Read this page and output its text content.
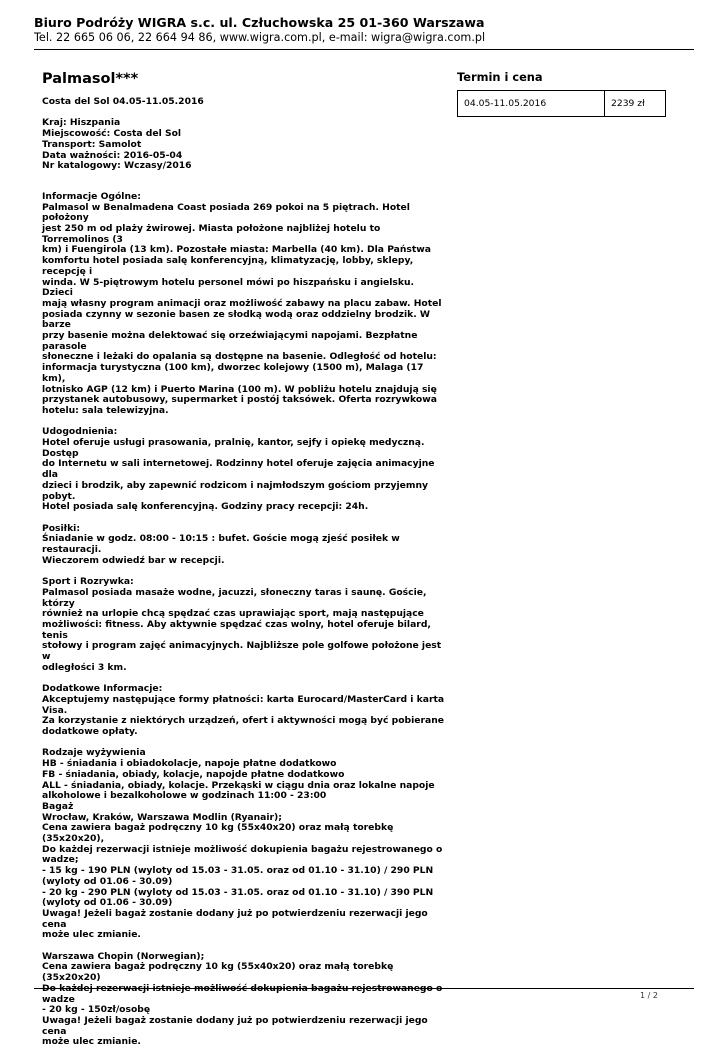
Biuro Podróży WIGRA s.c. ul. Człuchowska 25 01-360 Warszawa
Tel. 22 665 06 06, 22 664 94 86, www.wigra.com.pl, e-mail: wigra@wigra.com.pl
Palmasol***

Costa del Sol 04.05-11.05.2016

Kraj: Hiszpania
Miejscowość: Costa del Sol
Transport: Samolot
Data ważności: 2016-05-04
Nr katalogowy: Wczasy/2016
Informacje Ogólne:
Palmasol w Benalmadena Coast posiada 269 pokoi na 5 piętrach. Hotel położony
jest 250 m od plaży żwirowej. Miasta położone najbliżej hotelu to Torremolinos (3
km) i Fuengirola (13 km). Pozostałe miasta: Marbella (40 km). Dla Państwa
komfortu hotel posiada salę konferencyjną, klimatyzację, lobby, sklepy, recepcję i
winda. W 5-piętrowym hotelu personel mówi po hiszpańsku i angielsku. Dzieci
mają własny program animacji oraz możliwość zabawy na placu zabaw. Hotel
posiada czynny w sezonie basen ze słodką wodą oraz oddzielny brodzik. W barze
przy basenie można delektować się orzeźwiającymi napojami. Bezpłatne parasole
słoneczne i leżaki do opalania są dostępne na basenie. Odległość od hotelu:
informacja turystyczna (100 km), dworzec kolejowy (1500 m), Malaga (17 km),
lotnisko AGP (12 km) i Puerto Marina (100 m). W pobliżu hotelu znajdują się
przystanek autobusowy, supermarket i postój taksówek. Oferta rozrywkowa
hotelu: sala telewizyjna.
Udogodnienia:
Hotel oferuje usługi prasowania, pralnię, kantor, sejfy i opiekę medyczną. Dostęp
do Internetu w sali internetowej. Rodzinny hotel oferuje zajęcia animacyjne dla
dzieci i brodzik, aby zapewnić rodzicom i najmłodszym gościom przyjemny pobyt.
Hotel posiada salę konferencyjną. Godziny pracy recepcji: 24h.
Posiłki:
Śniadanie w godz. 08:00 - 10:15 : bufet. Goście mogą zjeść posiłek w restauracji.
Wieczorem odwiedź bar w recepcji.
Sport i Rozrywka:
Palmasol posiada masaże wodne, jacuzzi, słoneczny taras i saunę. Goście, którzy
również na urlopie chcą spędzać czas uprawiając sport, mają następujące
możliwości: fitness. Aby aktywnie spędzać czas wolny, hotel oferuje bilard, tenis
stołowy i program zajęć animacyjnych. Najbliższe pole golfowe położone jest w
odległości 3 km.
Dodatkowe Informacje:
Akceptujemy następujące formy płatności: karta Eurocard/MasterCard i karta Visa.
Za korzystanie z niektórych urządzeń, ofert i aktywności mogą być pobierane
dodatkowe opłaty.
Rodzaje wyżywienia
HB - śniadania i obiadokolacje, napoje płatne dodatkowo
FB - śniadania, obiady, kolacje, napojde płatne dodatkowo
ALL - śniadania, obiady, kolacje. Przekąski w ciągu dnia oraz lokalne napoje
alkoholowe i bezalkoholowe w godzinach 11:00 - 23:00
Bagaż
Wrocław, Kraków, Warszawa Modlin (Ryanair);
Cena zawiera bagaż podręczny 10 kg (55x40x20) oraz małą torebkę (35x20x20),
Do każdej rezerwacji istnieje możliwość dokupienia bagażu rejestrowanego o
wadze;
- 15 kg - 190 PLN (wyloty od 15.03 - 31.05. oraz od 01.10 - 31.10) / 290 PLN
(wyloty od 01.06 - 30.09)
- 20 kg - 290 PLN (wyloty od 15.03 - 31.05. oraz od 01.10 - 31.10) / 390 PLN
(wyloty od 01.06 - 30.09)
Uwaga! Jeżeli bagaż zostanie dodany już po potwierdzeniu rezerwacji jego cena
może ulec zmianie.
Warszawa Chopin (Norwegian);
Cena zawiera bagaż podręczny 10 kg (55x40x20) oraz małą torebkę (35x20x20)
Do każdej rezerwacji istnieje możliwość dokupienia bagażu rejestrowanego o
wadze
- 20 kg - 150zł/osobę
Uwaga! Jeżeli bagaż zostanie dodany już po potwierdzeniu rezerwacji jego cena
może ulec zmianie.
Termin i cena
04.05-11.05.2016	2239 zł
1 / 2
